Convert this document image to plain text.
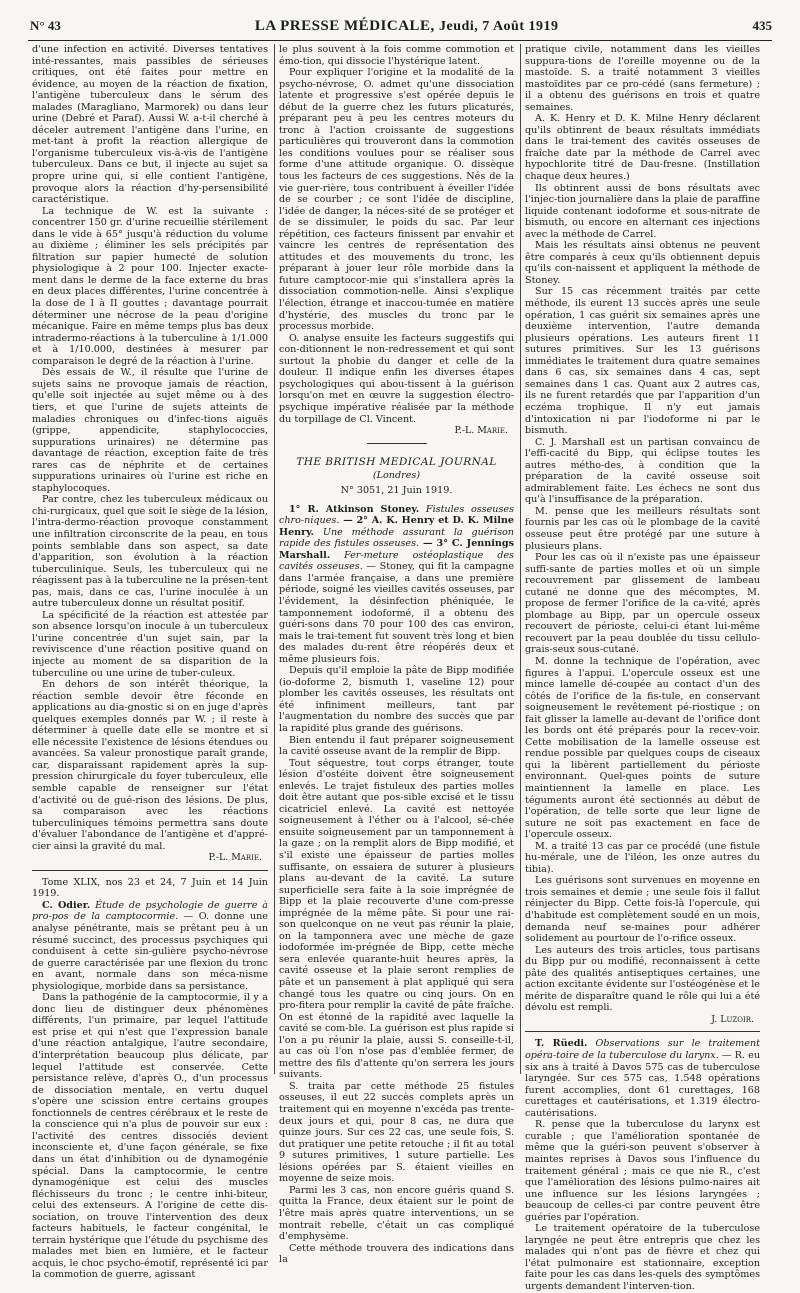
N° 43	LA PRESSE MÉDICALE, Jeudi, 7 Août 1919	435

d'une infection en activité. Diverses tentatives inté-ressantes, mais passibles de sérieuses critiques, ont été faites pour mettre en évidence, au moyen de la réaction de fixation, l'antigène tuberculeux dans le sérum des malades (Maragliano, Marmorek) ou dans leur urine (Debré et Paraf). Aussi W. a-t-il cherché à déceler autrement l'antigène dans l'urine, en met-tant à profit la réaction allergique de l'organisme tuberculeux vis-à-vis de l'antigène tuberculeux. Dans ce but, il injecte au sujet sa propre urine qui, si elle contient l'antigène, provoque alors la réaction d'hy-persensibilité caractéristique.

La technique de W. est la suivante : concentrer 150 gr. d'urine recueillie stérilement dans le vide à 65° jusqu'à réduction du volume au dixième ; éliminer les sels précipités par filtration sur papier humecté de solution physiologique à 2 pour 100. Injecter exacte-ment dans le derme de la face externe du bras en deux places différentes, l'urine concentrée à la dose de I à II gouttes ; davantage pourrait déterminer une nécrose de la peau d'origine mécanique. Faire en même temps plus bas deux intradermo-réactions à la tuberculine à 1/1.000 et à 1/10.000, destinées à mesurer par comparaison le degré de la réaction à l'urine.

Dès essais de W., il résulte que l'urine de sujets sains ne provoque jamais de réaction, qu'elle soit injectée au sujet même ou à des tiers, et que l'urine de sujets atteints de maladies chroniques ou d'infec-tions aiguës (grippe, appendicite, staphylococcies, suppurations urinaires) ne détermine pas davantage de réaction, exception faite de très rares cas de néphrite et de certaines suppurations urinaires où l'urine est riche en staphylocoques.

Par contre, chez les tuberculeux médicaux ou chi-rurgicaux, quel que soit le siège de la lésion, l'intra-dermo-réaction provoque constamment une infiltration circonscrite de la peau, en tous points semblable dans son aspect, sa date d'apparition, son évolution à la réaction tuberculinique. Seuls, les tuberculeux qui ne réagissent pas à la tuberculine ne la présen-tent pas, mais, dans ce cas, l'urine inoculée à un autre tuberculeux donne un résultat positif.

La spécificité de la réaction est attestée par son absence lorsqu'on inocule à un tuberculeux l'urine concentrée d'un sujet sain, par la reviviscence d'une réaction positive quand on injecte au moment de sa disparition de la tuberculine ou une urine de tuber-culeux.

En dehors de son intérêt théorique, la réaction semble devoir être féconde en applications au dia-gnostic si on en juge d'après quelques exemples donnés par W. ; il reste à déterminer à quelle date elle se montre et si elle nécessite l'existence de lésions étendues ou avancées. Sa valeur pronostique paraît grande, car, disparaissant rapidement après la sup-pression chirurgicale du foyer tuberculeux, elle semble capable de renseigner sur l'état d'activité ou de gué-rison des lésions. De plus, sa comparaison avec les réactions tuberculiniques témoins permettra sans doute d'évaluer l'abondance de l'antigène et d'appré-cier ainsi la gravité du mal.

P.-L. Marie.

Tome XLIX, nos 23 et 24, 7 Juin et 14 Juin 1919.

C. Odier. Étude de psychologie de guerre à pro-pos de la camptocormie. — O. donne une analyse pénétrante, mais se prêtant peu à un résumé succinct, des processus psychiques qui conduisent à cette sin-gulière psycho-névrose de guerre caractérisée par une flexion du tronc en avant, normale dans son méca-nisme physiologique, morbide dans sa persistance.

Dans la pathogénie de la camptocormie, il y a donc lieu de distinguer deux phénomènes différents, l'un primaire, par lequel l'attitude est prise et qui n'est que l'expression banale d'une réaction antalgique, l'autre secondaire, d'interprétation beaucoup plus délicate, par lequel l'attitude est conservée. Cette persistance relève, d'après O., d'un processus de dissociation mentale, en vertu duquel s'opère une scission entre certains groupes fonctionnels de centres cérébraux et le reste de la conscience qui n'a plus de pouvoir sur eux : l'activité des centres dissociés devient inconsciente et, d'une façon générale, se fixe dans un état d'inhibition ou de dynamogénie spécial. Dans la camptocormie, le centre dynamogénique est celui des muscles fléchisseurs du tronc ; le centre inhi-biteur, celui des extenseurs. A l'origine de cette dis-sociation, on trouve l'intervention des deux facteurs habituels, le facteur congénital, le terrain hystérique que l'étude du psychisme des malades met bien en lumière, et le facteur acquis, le choc psycho-émotif, représenté ici par la commotion de guerre, agissant

le plus souvent à la fois comme commotion et émo-tion, qui dissocie l'hystérique latent.

Pour expliquer l'origine et la modalité de la psycho-névrose, O. admet qu'une dissociation latente et progressive s'est opérée depuis le début de la guerre chez les futurs plicaturés, préparant peu à peu les centres moteurs du tronc à l'action croissante de suggestions particulières qui trouveront dans la commotion les conditions voulues pour se réaliser sous forme d'une attitude organique. O. dissèque tous les facteurs de ces suggestions. Nés de la vie guer-rière, tous contribuent à éveiller l'idée de se courber ; ce sont l'idée de discipline, l'idée de danger, la néces-sité de se protéger et de se dissimuler, le poids du sac. Par leur répétition, ces facteurs finissent par envahir et vaincre les centres de représentation des attitudes et des mouvements du tronc, les préparant à jouer leur rôle morbide dans la future camptocor-mie qui s'installera après la dissociation commotion-nelle. Ainsi s'explique l'élection, étrange et inaccou-tumée en matière d'hystérie, des muscles du tronc par le processus morbide.

O. analyse ensuite les facteurs suggestifs qui con-ditionnent le non-redressement et qui sont surtout la phobie du danger et celle de la douleur. Il indique enfin les diverses étapes psychologiques qui abou-tissent à la guérison lorsqu'on met en œuvre la suggestion électro-psychique impérative réalisée par la méthode du torpillage de Cl. Vincent.

P.-L. Marie.

THE BRITISH MEDICAL JOURNAL
(Londres)
N° 3051, 21 Juin 1919.

1° R. Atkinson Stoney. Fistules osseuses chro-niques. — 2° A. K. Henry et D. K. Milne Henry. Une méthode assurant la guérison rapide des fistules osseuses. — 3° C. Jennings Marshall. Fer-meture ostéoplastique des cavités osseuses. — Stoney, qui fit la campagne dans l'armée française, a dans une première période, soigné les vieilles cavités osseuses, par l'évidement, la désinfection phéniquée, le tamponnement iodoformé, il a obtenu des guéri-sons dans 70 pour 100 des cas environ, mais le trai-tement fut souvent très long et bien des malades du-rent être réopérés deux et même plusieurs fois.

Depuis qu'il emploie la pâte de Bipp modifiée (io-doforme 2, bismuth 1, vaseline 12) pour plomber les cavités osseuses, les résultats ont été infiniment meilleurs, tant par l'augmentation du nombre des succès que par la rapidité plus grande des guérisons.

Bien entendu il faut préparer soigneusement la cavité osseuse avant de la remplir de Bipp.

Tout séquestre, tout corps étranger, toute lésion d'ostéite doivent être soigneusement enlevés. Le trajet fistuleux des parties molles doit être autant que pos-sible excisé et le tissu cicatriciel enlevé. La cavité est nettoyée soigneusement à l'éther ou à l'alcool, sé-chée ensuite soigneusement par un tamponnement à la gaze ; on la remplit alors de Bipp modifié, et s'il existe une épaisseur de parties molles suffisante, on essaiera de suturer à plusieurs plans au-devant de la cavité. La suture superficielle sera faite à la soie imprégnée de Bipp et la plaie recouverte d'une com-presse imprégnée de la même pâte. Si pour une rai-son quelconque on ne veut pas réunir la plaie, on la tamponnera avec une mèche de gaze iodoformée im-prégnée de Bipp, cette mèche sera enlevée quarante-huit heures après, la cavité osseuse et la plaie seront remplies de pâte et un pansement à plat appliqué qui sera changé tous les quatre ou cinq jours. On en pro-fitera pour remplir la cavité de pâte fraîche. On est étonné de la rapidité avec laquelle la cavité se com-ble. La guérison est plus rapide si l'on a pu réunir la plaie, aussi S. conseille-t-il, au cas où l'on n'ose pas d'emblée fermer, de mettre des fils d'attente qu'on serrera les jours suivants.

S. traita par cette méthode 25 fistules osseuses, il eut 22 succès complets après un traitement qui en moyenne n'excéda pas trente-deux jours et qui, pour 8 cas, ne dura que quinze jours. Sur ces 22 cas, une seule fois, S. dut pratiquer une petite retouche ; il fit au total 9 sutures primitives, 1 suture partielle. Les lésions opérées par S. étaient vieilles en moyenne de seize mois.

Parmi les 3 cas, non encore guéris quand S. quitta la France, deux étaient sur le point de l'être mais après quatre interventions, un se montrait rebelle, c'était un cas compliqué d'emphysème.

Cette méthode trouvera des indications dans la

pratique civile, notamment dans les vieilles suppura-tions de l'oreille moyenne ou de la mastoïde. S. a traité notamment 3 vieilles mastoïdites par ce pro-cédé (sans fermeture) ; il a obtenu des guérisons en trois et quatre semaines.

A. K. Henry et D. K. Milne Henry déclarent qu'ils obtinrent de beaux résultats immédiats dans le trai-tement des cavités osseuses de fraîche date par la méthode de Carrel avec hypochlorite titré de Dau-fresne. (Instillation chaque deux heures.)

Ils obtinrent aussi de bons résultats avec l'injec-tion journalière dans la plaie de paraffine liquide contenant iodoforme et sous-nitrate de bismuth, ou encore en alternant ces injections avec la méthode de Carrel.

Mais les résultats ainsi obtenus ne peuvent être comparés à ceux qu'ils obtiennent depuis qu'ils con-naissent et appliquent la méthode de Stoney.

Sur 15 cas récemment traités par cette méthode, ils eurent 13 succès après une seule opération, 1 cas guérit six semaines après une deuxième intervention, l'autre demanda plusieurs opérations. Les auteurs firent 11 sutures primitives. Sur les 13 guérisons immédiates le traitement dura quatre semaines dans 6 cas, six semaines dans 4 cas, sept semaines dans 1 cas. Quant aux 2 autres cas, ils ne furent retardés que par l'apparition d'un eczéma trophique. Il n'y eut jamais d'intoxication ni par l'iodoforme ni par le bismuth.

C. J. Marshall est un partisan convaincu de l'effi-cacité du Bipp, qui éclipse toutes les autres métho-des, à condition que la préparation de la cavité osseuse soit admirablement faite. Les échecs ne sont dus qu'à l'insuffisance de la préparation.

M. pense que les meilleurs résultats sont fournis par les cas où le plombage de la cavité osseuse peut être protégé par une suture à plusieurs plans.

Pour les cas où il n'existe pas une épaisseur suffi-sante de parties molles et où un simple recouvrement par glissement de lambeau cutané ne donne que des mécomptes, M. propose de fermer l'orifice de la ca-vité, après plombage au Bipp, par un opercule osseux recouvert de périoste, celui-ci étant lui-même recouvert par la peau doublée du tissu cellulo-grais-seux sous-cutané.

M. donne la technique de l'opération, avec figures à l'appui. L'opercule osseux est une mince lamelle dé-coupée au contact d'un des côtés de l'orifice de la fis-tule, en conservant soigneusement le revêtement pé-riostique ; on fait glisser la lamelle au-devant de l'orifice dont les bords ont été préparés pour la recev-voir. Cette mobilisation de la lamelle osseuse est rendue possible par quelques coups de ciseaux qui la libèrent partiellement du périoste environnant. Quel-ques points de suture maintiennent la lamelle en place. Les téguments auront été sectionnés au début de l'opération, de telle sorte que leur ligne de suture ne soit pas exactement en face de l'opercule osseux.

M. a traité 13 cas par ce procédé (une fistule hu-mérale, une de l'iléon, les onze autres du tibia).

Les guérisons sont survenues en moyenne en trois semaines et demie ; une seule fois il fallut réinjecter du Bipp. Cette fois-là l'opercule, qui d'habitude est complètement soudé en un mois, demanda neuf se-maines pour adhérer solidement au pourtour de l'o-rifice osseux.

Les auteurs des trois articles, tous partisans du Bipp pur ou modifié, reconnaissent à cette pâte des qualités antiseptiques certaines, une action excitante évidente sur l'ostéogénèse et le mérite de disparaître quand le rôle qui lui a été dévolu est rempli.

J. Luzoir.

T. Rüedi. Observations sur le traitement opéra-toire de la tuberculose du larynx. — R. eu six ans à traité à Davos 575 cas de tuberculose laryngée. Sur ces 575 cas, 1.548 opérations furent accomplies, dont 61 curettages, 168 curettages et cautérisations, et 1.319 électro-cautérisations.

R. pense que la tuberculose du larynx est curable ; que l'amélioration spontanée de même que la guéri-son peuvent s'observer à maintes reprises à Davos sous l'influence du traitement général ; mais ce que nie R., c'est que l'amélioration des lésions pulmo-naires ait une influence sur les lésions laryngées ; beaucoup de celles-ci par contre peuvent être guéries par l'opération.

Le traitement opératoire de la tuberculose laryngée ne peut être entrepris que chez les malades qui n'ont pas de fièvre et chez qui l'état pulmonaire est stationnaire, exception faite pour les cas dans les-quels des symptômes urgents demandent l'interven-tion.
